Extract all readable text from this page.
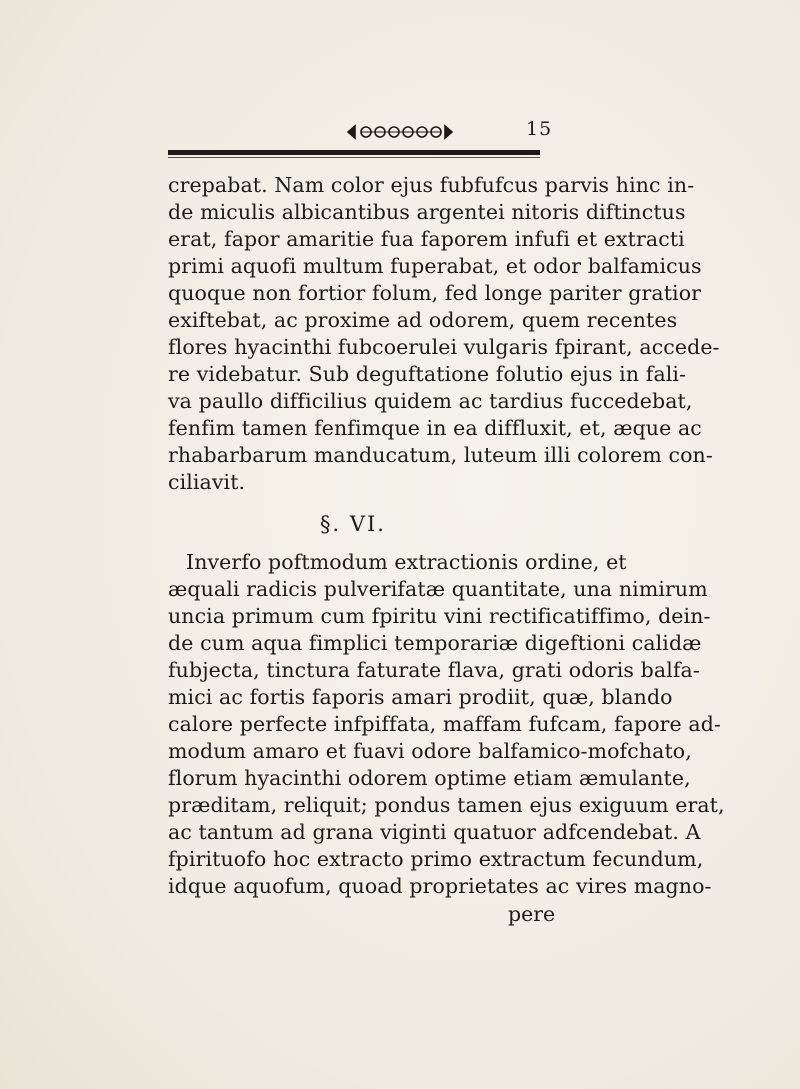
15
crepabat. Nam color ejus fubfufcus parvis hinc in-
de miculis albicantibus argentei nitoris diftinctus
erat, fapor amaritie fua faporem infufi et extracti
primi aquofi multum fuperabat, et odor balfamicus
quoque non fortior folum, fed longe pariter gratior
exiftebat, ac proxime ad odorem, quem recentes
flores hyacinthi fubcoerulei vulgaris fpirant, accede-
re videbatur. Sub deguftatione folutio ejus in fali-
va paullo difficilius quidem ac tardius fuccedebat,
fenfim tamen fenfimque in ea diffluxit, et, æque ac
rhabarbarum manducatum, luteum illi colorem con-
ciliavit.
§. VI.
Inverfo poftmodum extractionis ordine, et
æquali radicis pulverifatæ quantitate, una nimirum
uncia primum cum fpiritu vini rectificatiffimo, dein-
de cum aqua fimplici temporariæ digeftioni calidæ
fubjecta, tinctura faturate flava, grati odoris balfa-
mici ac fortis faporis amari prodiit, quæ, blando
calore perfecte infpiffata, maffam fufcam, fapore ad-
modum amaro et fuavi odore balfamico-mofchato,
florum hyacinthi odorem optime etiam æmulante,
præditam, reliquit; pondus tamen ejus exiguum erat,
ac tantum ad grana viginti quatuor adfcendebat. A
fpirituofo hoc extracto primo extractum fecundum,
idque aquofum, quoad proprietates ac vires magno-
pere
